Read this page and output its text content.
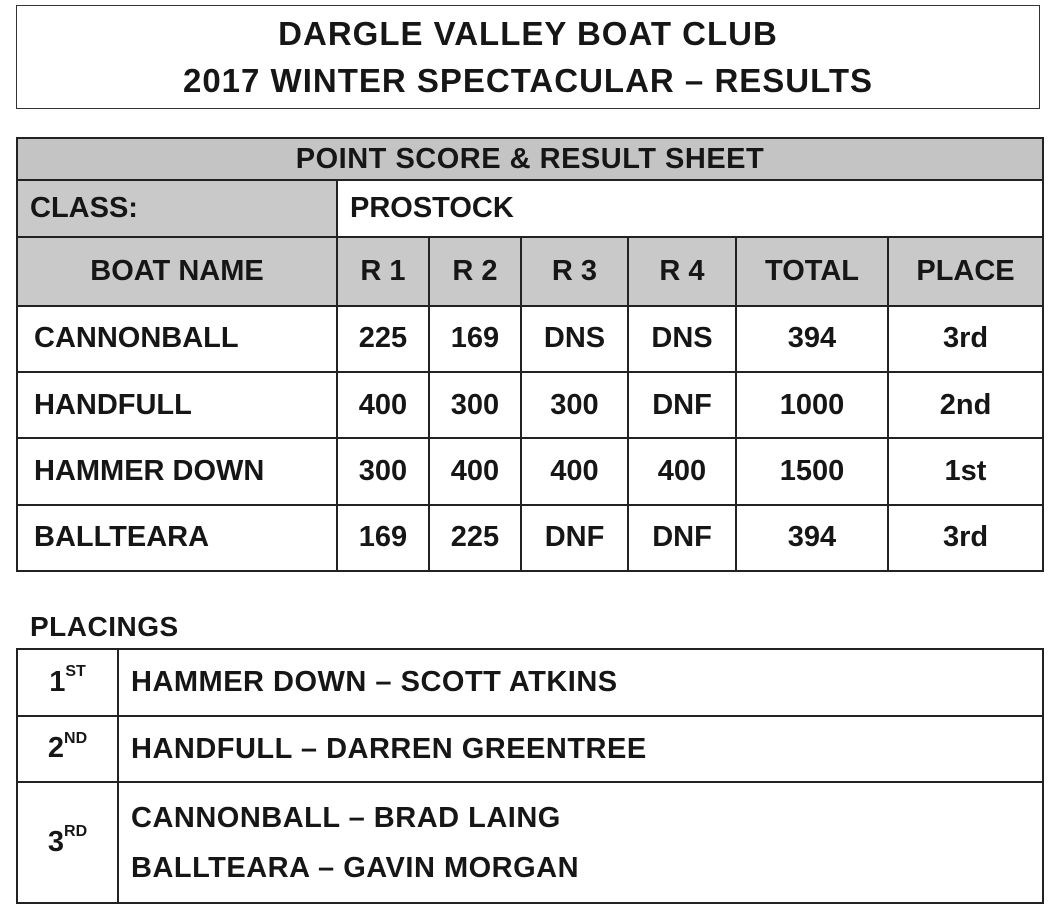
DARGLE VALLEY BOAT CLUB
2017 WINTER SPECTACULAR – RESULTS
POINT SCORE & RESULT SHEET						
CLASS:	PROSTOCK					
BOAT NAME	R 1	R 2	R 3	R 4	TOTAL	PLACE
CANNONBALL	225	169	DNS	DNS	394	3rd
HANDFULL	400	300	300	DNF	1000	2nd
HAMMER DOWN	300	400	400	400	1500	1st
BALLTEARA	169	225	DNF	DNF	394	3rd
PLACINGS
1ST	HAMMER DOWN – SCOTT ATKINS

2ND	HANDFULL – DARREN GREENTREE

3RD	CANNONBALL – BRAD LAING
BALLTEARA – GAVIN MORGAN
